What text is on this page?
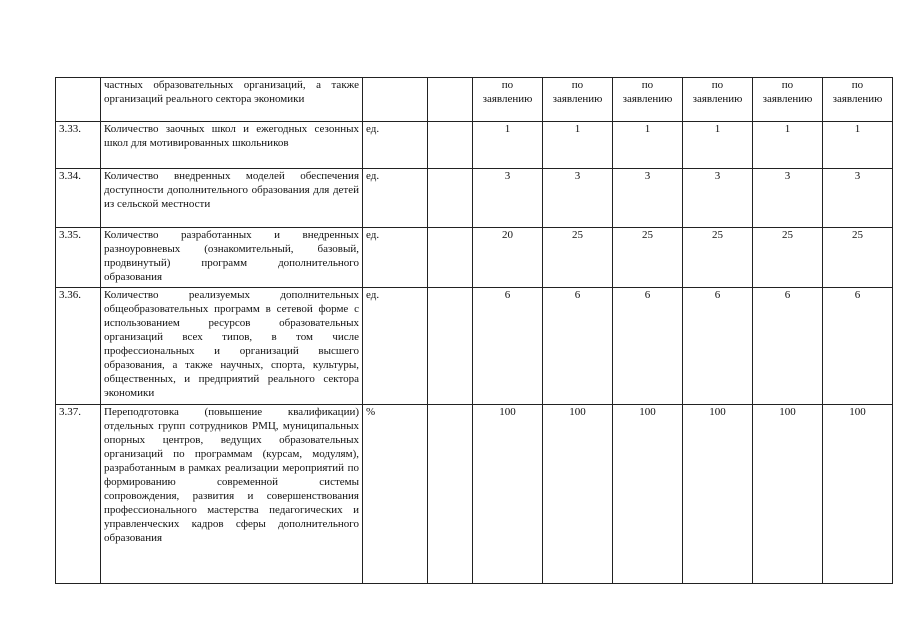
	частных образовательных организаций, а также организаций реального сектора экономики			по заявлению	по заявлению	по заявлению	по заявлению	по заявлению	по заявлению
3.33.	Количество заочных школ и ежегодных сезонных школ для мотивированных школьников	ед.		1	1	1	1	1	1
3.34.	Количество внедренных моделей обеспечения доступности дополнительного образования для детей из сельской местности	ед.		3	3	3	3	3	3
3.35.	Количество разработанных и внедренных разноуровневых (ознакомительный, базовый, продвинутый) программ дополнительного образования	ед.		20	25	25	25	25	25
3.36.	Количество реализуемых дополнительных общеобразовательных программ в сетевой форме с использованием ресурсов образовательных организаций всех типов, в том числе профессиональных и организаций высшего образования, а также научных, спорта, культуры, общественных, и предприятий реального сектора экономики	ед.		6	6	6	6	6	6
3.37.	Переподготовка (повышение квалификации) отдельных групп сотрудников РМЦ, муниципальных опорных центров, ведущих образовательных организаций по программам (курсам, модулям), разработанным в рамках реализации мероприятий по формированию современной системы сопровождения, развития и совершенствования профессионального мастерства педагогических и управленческих кадров сферы дополнительного образования	%		100	100	100	100	100	100
